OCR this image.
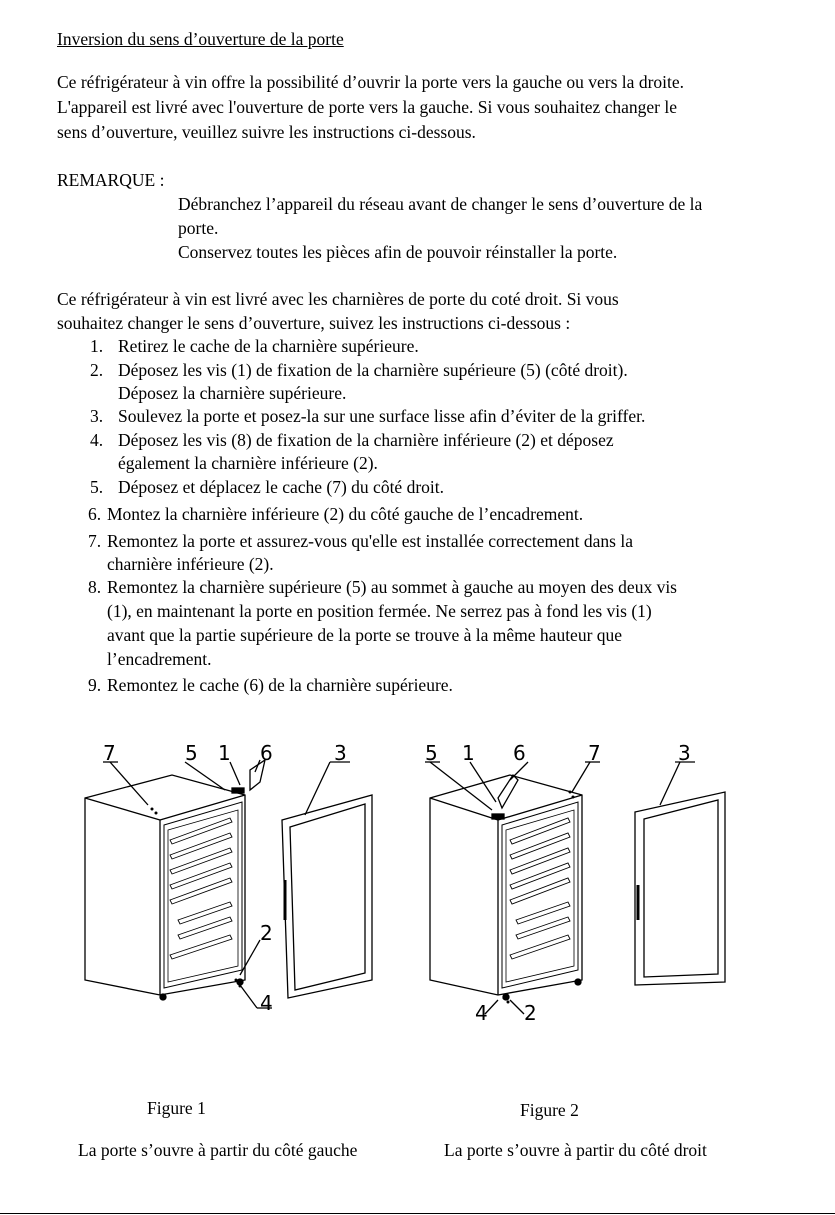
Inversion du sens d’ouverture de la porte
Ce réfrigérateur à vin offre la possibilité d’ouvrir la porte vers la gauche ou vers la droite.
L'appareil est livré avec l'ouverture de porte vers la gauche. Si vous souhaitez changer le
sens d’ouverture, veuillez suivre les instructions ci-dessous.
REMARQUE :
Débranchez l’appareil du réseau avant de changer le sens d’ouverture de la
porte.
Conservez toutes les pièces afin de pouvoir réinstaller la porte.
Ce réfrigérateur à vin est livré avec les charnières de porte du coté droit. Si vous
souhaitez changer le sens d’ouverture, suivez les instructions ci-dessous :
1. Retirez le cache de la charnière supérieure.
2. Déposez les vis (1) de fixation de la charnière supérieure (5) (côté droit).
Déposez la charnière supérieure.
3. Soulevez la porte et posez-la sur une surface lisse afin d’éviter de la griffer.
4. Déposez les vis (8) de fixation de la charnière inférieure (2) et déposez
également la charnière inférieure (2).
5. Déposez et déplacez le cache (7) du côté droit.
6. Montez la charnière inférieure (2) du côté gauche de l’encadrement.
7. Remontez la porte et assurez-vous qu'elle est installée correctement dans la
charnière inférieure (2).
8. Remontez la charnière supérieure (5) au sommet à gauche au moyen des deux vis
(1), en maintenant la porte en position fermée. Ne serrez pas à fond les vis (1)
avant que la partie supérieure de la porte se trouve à la même hauteur que
l’encadrement.
9. Remontez le cache (6) de la charnière supérieure.
7	5 1 6	3
2
4
5 1 6	7	3
4 2
Figure 1	Figure 2
La porte s’ouvre à partir du côté gauche	La porte s’ouvre à partir du côté droit
